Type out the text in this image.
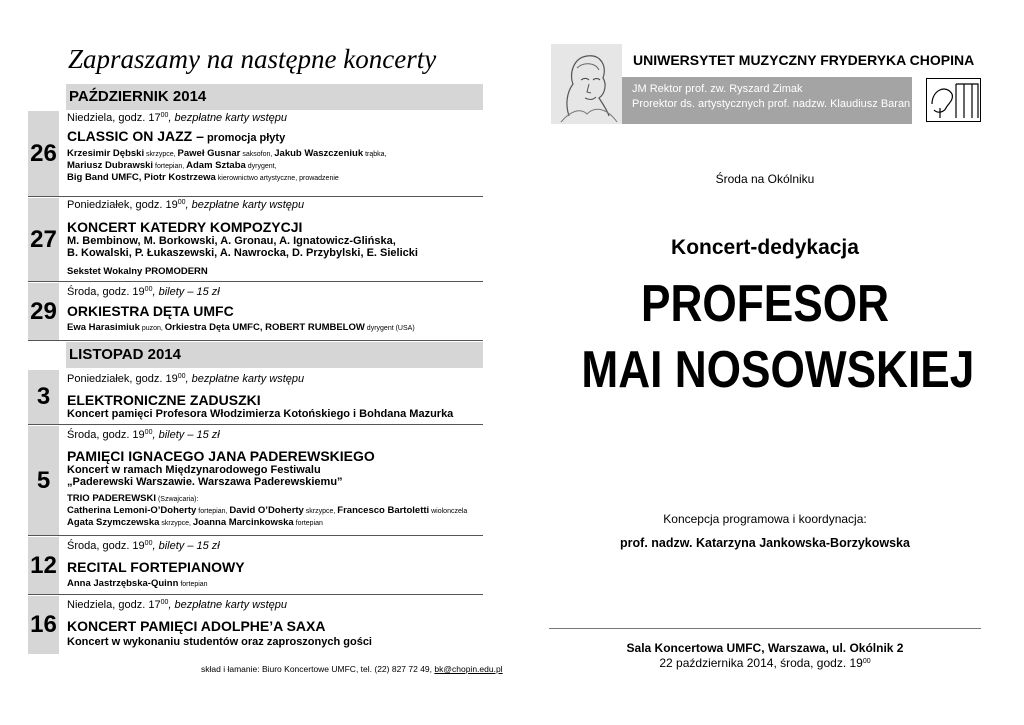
Zapraszamy na następne koncerty
PAŹDZIERNIK 2014
26
Niedziela, godz. $17^{00}$, bezpłatne karty wstępu
CLASSIC ON JAZZ – promocja płyty
Krzesimir Dębski skrzypce, Paweł Gusnar saksofon, Jakub Waszczeniuk trąbka,
Mariusz Dubrawski fortepian, Adam Sztaba dyrygent,
Big Band UMFC, Piotr Kostrzewa kierownictwo artystyczne, prowadzenie
27
Poniedziałek, godz. $19^{00}$, bezpłatne karty wstępu
KONCERT KATEDRY KOMPOZYCJI
M. Bembinow, M. Borkowski, A. Gronau, A. Ignatowicz-Glińska,
B. Kowalski, P. Łukaszewski, A. Nawrocka, D. Przybylski, E. Sielicki
Sekstet Wokalny PROMODERN
29
Środa, godz. $19^{00}$, bilety – 15 zł
ORKIESTRA DĘTA UMFC
Ewa Harasimiuk puzon, Orkiestra Dęta UMFC, ROBERT RUMBELOW dyrygent (USA)
LISTOPAD 2014
3
Poniedziałek, godz. $19^{00}$, bezpłatne karty wstępu
ELEKTRONICZNE ZADUSZKI
Koncert pamięci Profesora Włodzimierza Kotońskiego i Bohdana Mazurka
5
Środa, godz. $19^{00}$, bilety – 15 zł
PAMIĘCI IGNACEGO JANA PADEREWSKIEGO
Koncert w ramach Międzynarodowego Festiwalu
„Paderewski Warszawie. Warszawa Paderewskiemu”
TRIO PADEREWSKI (Szwajcaria):
Catherina Lemoni-O’Doherty fortepian, David O’Doherty skrzypce, Francesco Bartoletti wiolonczela
Agata Szymczewska skrzypce, Joanna Marcinkowska fortepian
12
Środa, godz. $19^{00}$, bilety – 15 zł
RECITAL FORTEPIANOWY
Anna Jastrzębska-Quinn fortepian
16
Niedziela, godz. $17^{00}$, bezpłatne karty wstępu
KONCERT PAMIĘCI ADOLPHE’A SAXA
Koncert w wykonaniu studentów oraz zaproszonych gości
skład i łamanie: Biuro Koncertowe UMFC, tel. (22) 827 72 49, bk@chopin.edu.pl
UNIWERSYTET MUZYCZNY FRYDERYKA CHOPINA
JM Rektor prof. zw. Ryszard Zimak
Prorektor ds. artystycznych prof. nadzw. Klaudiusz Baran
Środa na Okólniku
Koncert-dedykacja
PROFESOR
MAI NOSOWSKIEJ
Koncepcja programowa i koordynacja:
prof. nadzw. Katarzyna Jankowska-Borzykowska
Sala Koncertowa UMFC, Warszawa, ul. Okólnik 2
22 października 2014, środa, godz. $19^{00}$
